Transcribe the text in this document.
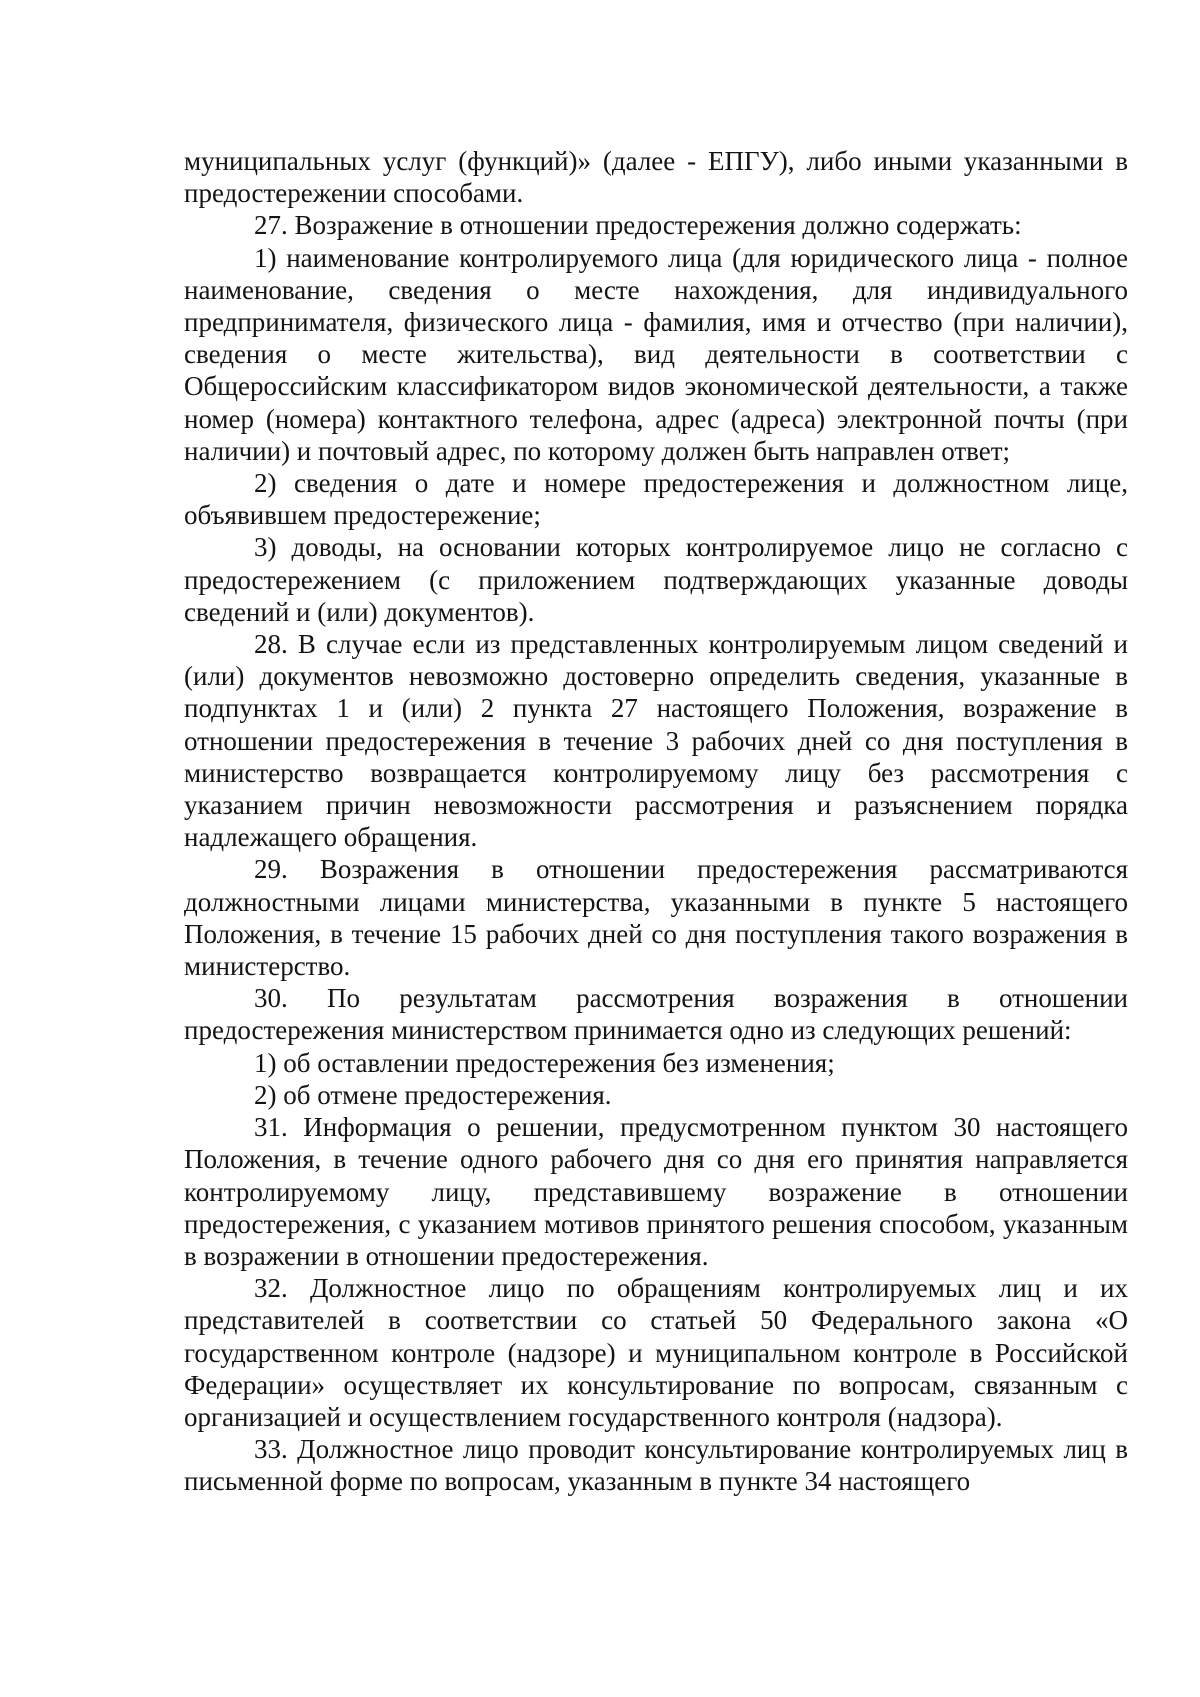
муниципальных услуг (функций)» (далее - ЕПГУ), либо иными указанными в предостережении способами.

27. Возражение в отношении предостережения должно содержать:

1) наименование контролируемого лица (для юридического лица - полное наименование, сведения о месте нахождения, для индивидуального предпринимателя, физического лица - фамилия, имя и отчество (при наличии), сведения о месте жительства), вид деятельности в соответствии с Общероссийским классификатором видов экономической деятельности, а также номер (номера) контактного телефона, адрес (адреса) электронной почты (при наличии) и почтовый адрес, по которому должен быть направлен ответ;

2) сведения о дате и номере предостережения и должностном лице, объявившем предостережение;

3) доводы, на основании которых контролируемое лицо не согласно с предостережением (с приложением подтверждающих указанные доводы сведений и (или) документов).

28. В случае если из представленных контролируемым лицом сведений и (или) документов невозможно достоверно определить сведения, указанные в подпунктах 1 и (или) 2 пункта 27 настоящего Положения, возражение в отношении предостережения в течение 3 рабочих дней со дня поступления в министерство возвращается контролируемому лицу без рассмотрения с указанием причин невозможности рассмотрения и разъяснением порядка надлежащего обращения.

29. Возражения в отношении предостережения рассматриваются должностными лицами министерства, указанными в пункте 5 настоящего Положения, в течение 15 рабочих дней со дня поступления такого возражения в министерство.

30. По результатам рассмотрения возражения в отношении предостережения министерством принимается одно из следующих решений:

1) об оставлении предостережения без изменения;

2) об отмене предостережения.

31. Информация о решении, предусмотренном пунктом 30 настоящего Положения, в течение одного рабочего дня со дня его принятия направляется контролируемому лицу, представившему возражение в отношении предостережения, с указанием мотивов принятого решения способом, указанным в возражении в отношении предостережения.

32. Должностное лицо по обращениям контролируемых лиц и их представителей в соответствии со статьей 50 Федерального закона «О государственном контроле (надзоре) и муниципальном контроле в Российской Федерации» осуществляет их консультирование по вопросам, связанным с организацией и осуществлением государственного контроля (надзора).

33. Должностное лицо проводит консультирование контролируемых лиц в письменной форме по вопросам, указанным в пункте 34 настоящего
